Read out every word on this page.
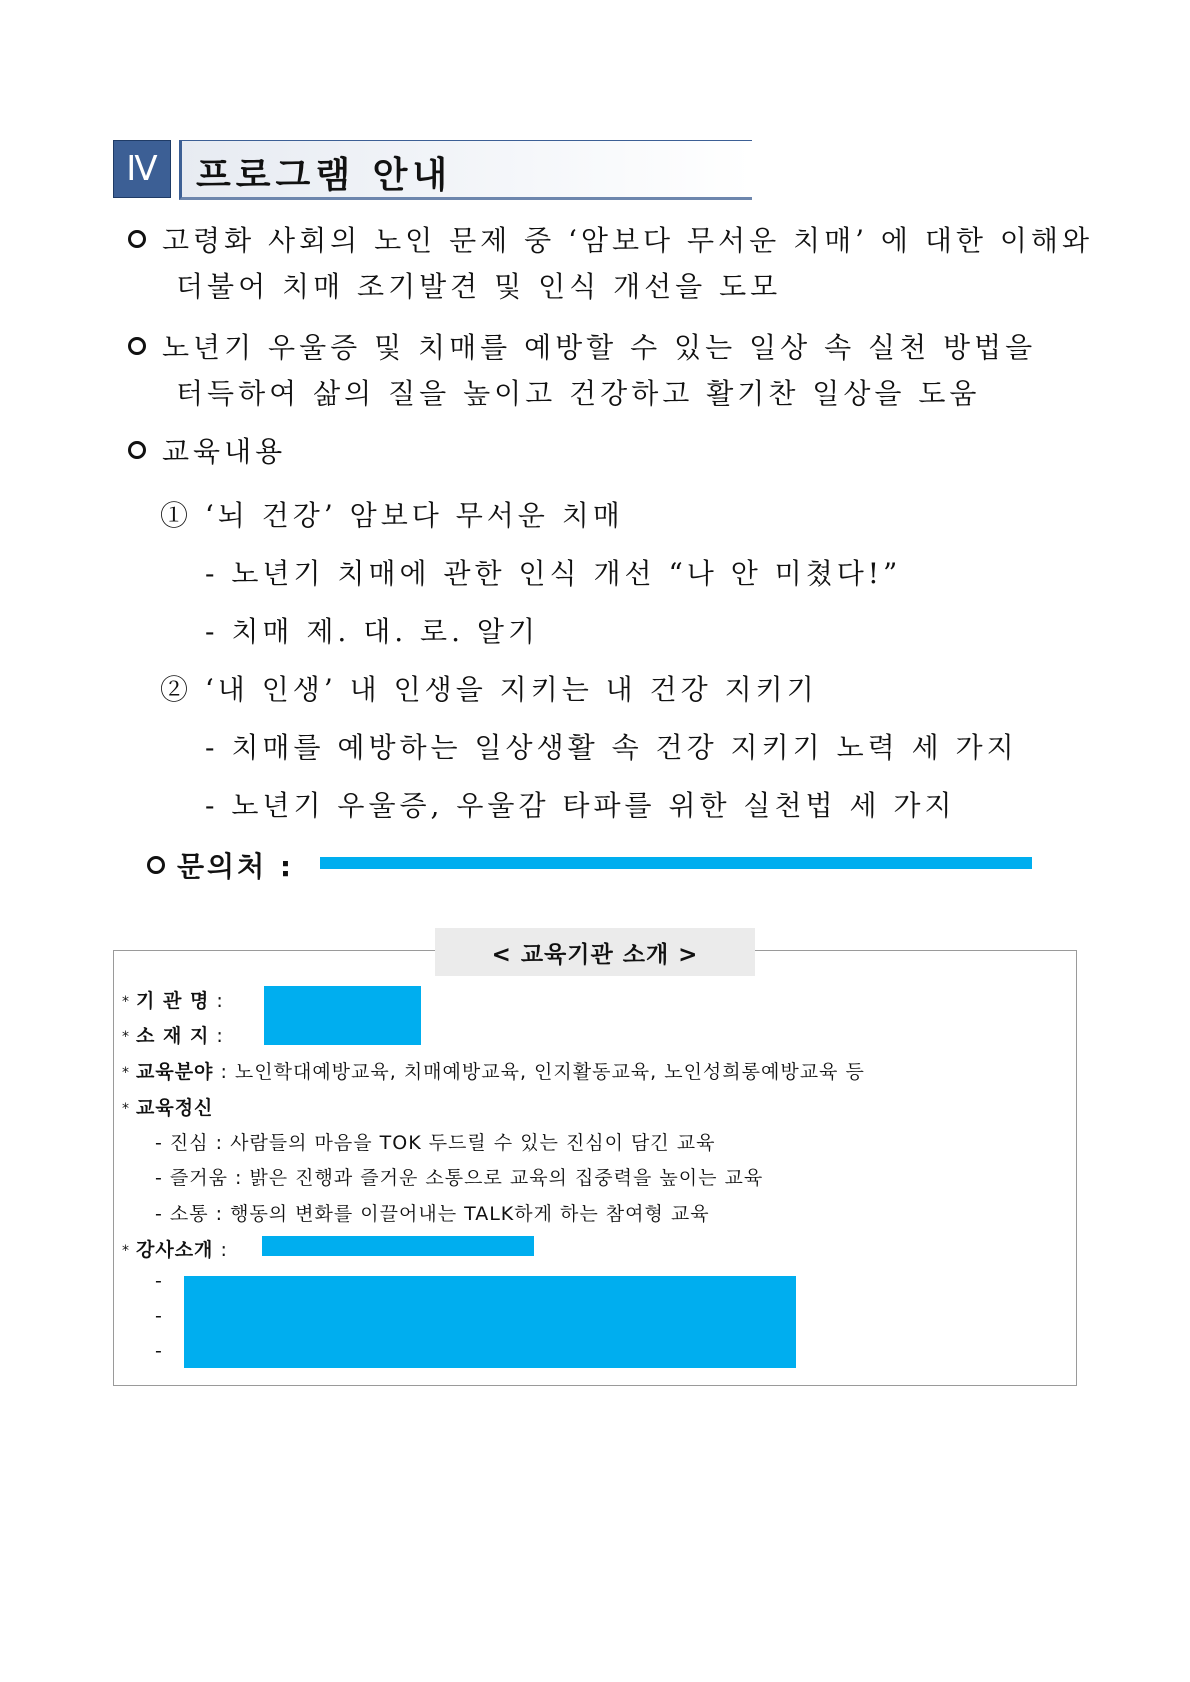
Ⅳ	프로그램 안내
고령화 사회의 노인 문제 중 ‘암보다 무서운 치매’ 에 대한 이해와
더불어 치매 조기발견 및 인식 개선을 도모
노년기 우울증 및 치매를 예방할 수 있는 일상 속 실천 방법을
터득하여 삶의 질을 높이고 건강하고 활기찬 일상을 도움
교육내용
① ‘뇌 건강’ 암보다 무서운 치매
- 노년기 치매에 관한 인식 개선 “나 안 미쳤다!”
- 치매 제. 대. 로. 알기
② ‘내 인생’ 내 인생을 지키는 내 건강 지키기
- 치매를 예방하는 일상생활 속 건강 지키기 노력 세 가지
- 노년기 우울증, 우울감 타파를 위한 실천법 세 가지
문의처 :
< 교육기관 소개 >
* 기 관 명 :
* 소 재 지 :
* 교육분야 : 노인학대예방교육, 치매예방교육, 인지활동교육, 노인성희롱예방교육 등
* 교육정신
- 진심 : 사람들의 마음을 TOK 두드릴 수 있는 진심이 담긴 교육
- 즐거움 : 밝은 진행과 즐거운 소통으로 교육의 집중력을 높이는 교육
- 소통 : 행동의 변화를 이끌어내는 TALK하게 하는 참여형 교육
* 강사소개 :
-
-
-
